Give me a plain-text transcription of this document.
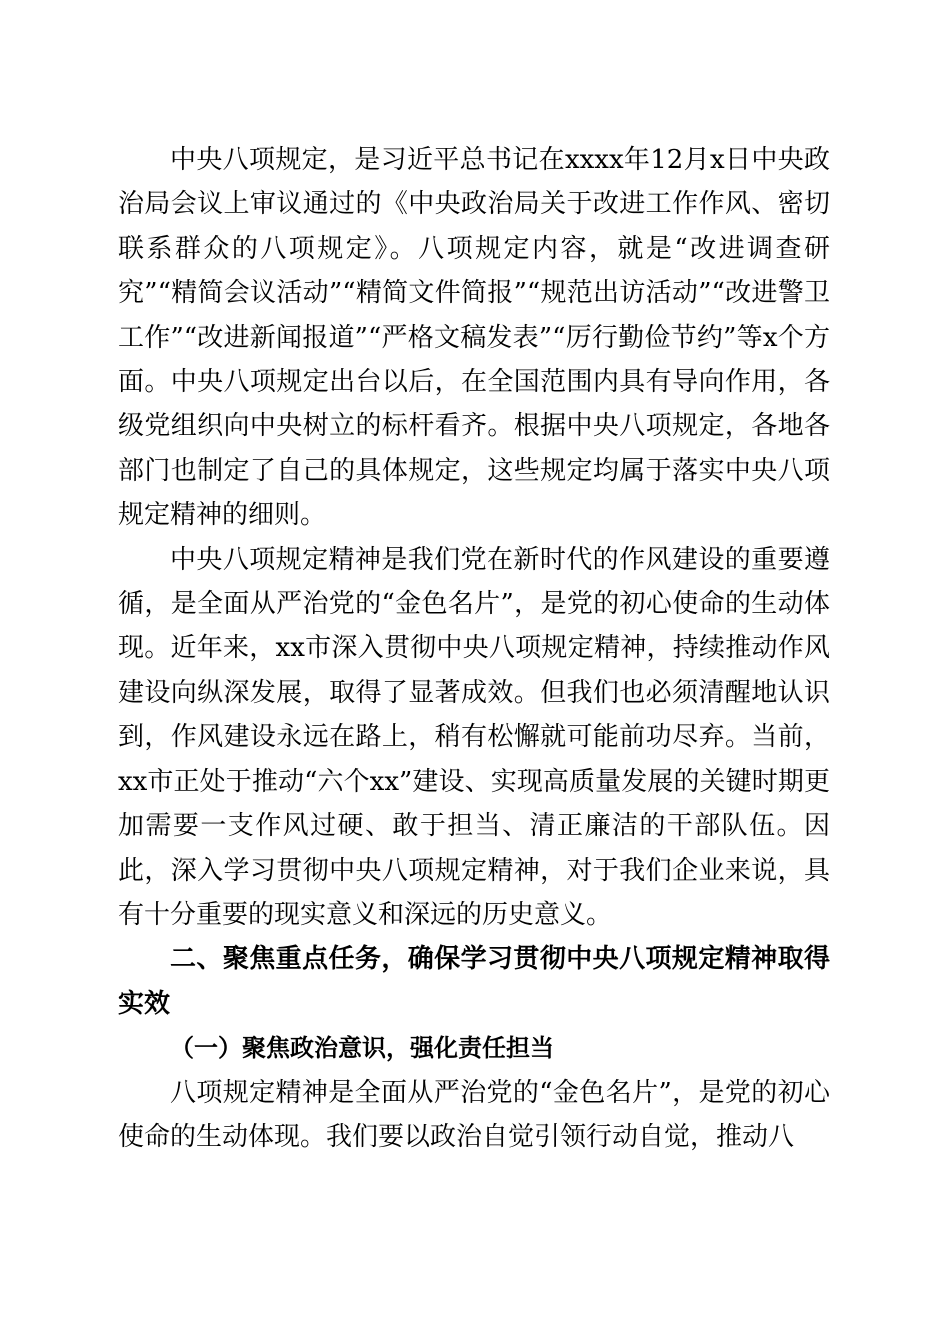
中央八项规定，是习近平总书记在xxxx年12月x日中央政治局会议上审议通过的《中央政治局关于改进工作作风、密切联系群众的八项规定》。八项规定内容，就是“改进调查研究”“精简会议活动”“精简文件简报”“规范出访活动”“改进警卫工作”“改进新闻报道”“严格文稿发表”“厉行勤俭节约”等x个方面。中央八项规定出台以后，在全国范围内具有导向作用，各级党组织向中央树立的标杆看齐。根据中央八项规定，各地各部门也制定了自己的具体规定，这些规定均属于落实中央八项规定精神的细则。

中央八项规定精神是我们党在新时代的作风建设的重要遵循，是全面从严治党的“金色名片”，是党的初心使命的生动体现。近年来，xx市深入贯彻中央八项规定精神，持续推动作风建设向纵深发展，取得了显著成效。但我们也必须清醒地认识到，作风建设永远在路上，稍有松懈就可能前功尽弃。当前，xx市正处于推动“六个xx”建设、实现高质量发展的关键时期更加需要一支作风过硬、敢于担当、清正廉洁的干部队伍。因此，深入学习贯彻中央八项规定精神，对于我们企业来说，具有十分重要的现实意义和深远的历史意义。

二、聚焦重点任务，确保学习贯彻中央八项规定精神取得实效
（一）聚焦政治意识，强化责任担当

八项规定精神是全面从严治党的“金色名片”，是党的初心使命的生动体现。我们要以政治自觉引领行动自觉，推动八
